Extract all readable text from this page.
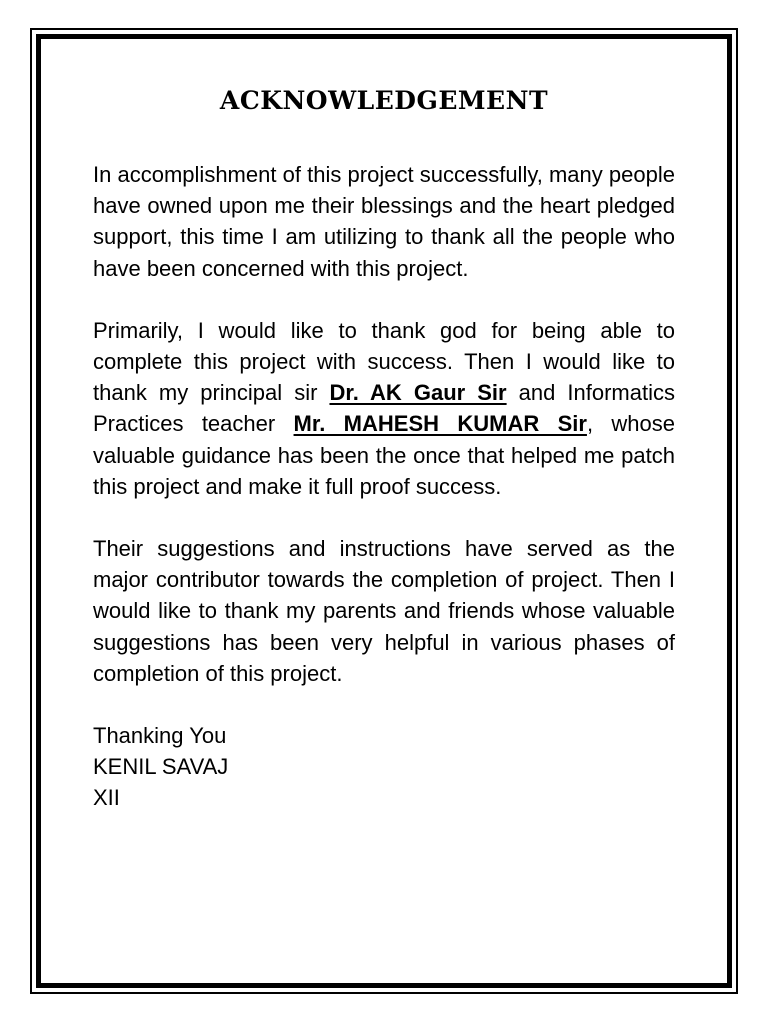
ACKNOWLEDGEMENT

In accomplishment of this project successfully, many people have owned upon me their blessings and the heart pledged support, this time I am utilizing to thank all the people who have been concerned with this project.

Primarily, I would like to thank god for being able to complete this project with success. Then I would like to thank my principal sir Dr. AK Gaur Sir and Informatics Practices teacher Mr. MAHESH KUMAR Sir, whose valuable guidance has been the once that helped me patch this project and make it full proof success.

Their suggestions and instructions have served as the major contributor towards the completion of project. Then I would like to thank my parents and friends whose valuable suggestions has been very helpful in various phases of completion of this project.

Thanking You
KENIL SAVAJ
XII
